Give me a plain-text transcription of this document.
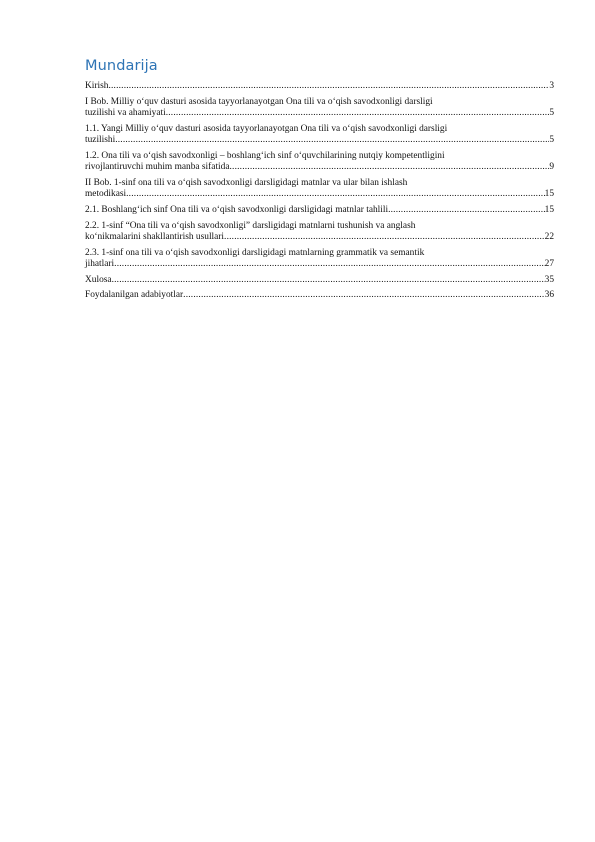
Mundarija
Kirish .....	3
I Bob. Milliy o‘quv dasturi asosida tayyorlanayotgan Ona tili va o‘qish savodxonligi darsligi
tuzilishi va ahamiyati .....	5
1.1. Yangi Milliy o‘quv dasturi asosida tayyorlanayotgan Ona tili va o‘qish savodxonligi darsligi
tuzilishi .....	5
1.2. Ona tili va o‘qish savodxonligi – boshlang‘ich sinf o‘quvchilarining nutqiy kompetentligini
rivojlantiruvchi muhim manba sifatida .....	9
II Bob. 1-sinf ona tili va o‘qish savodxonligi darsligidagi matnlar va ular bilan ishlash
metodikasi .....	15
2.1. Boshlang‘ich sinf Ona tili va o‘qish savodxonligi darsligidagi matnlar tahlili .....	15
2.2. 1-sinf “Ona tili va o‘qish savodxonligi” darsligidagi matnlarni tushunish va anglash
ko‘nikmalarini shakllantirish usullari .....	22
2.3. 1-sinf ona tili va o‘qish savodxonligi darsligidagi matnlarning grammatik va semantik
jihatlari .....	27
Xulosa .....	35
Foydalanilgan adabiyotlar .....	36
